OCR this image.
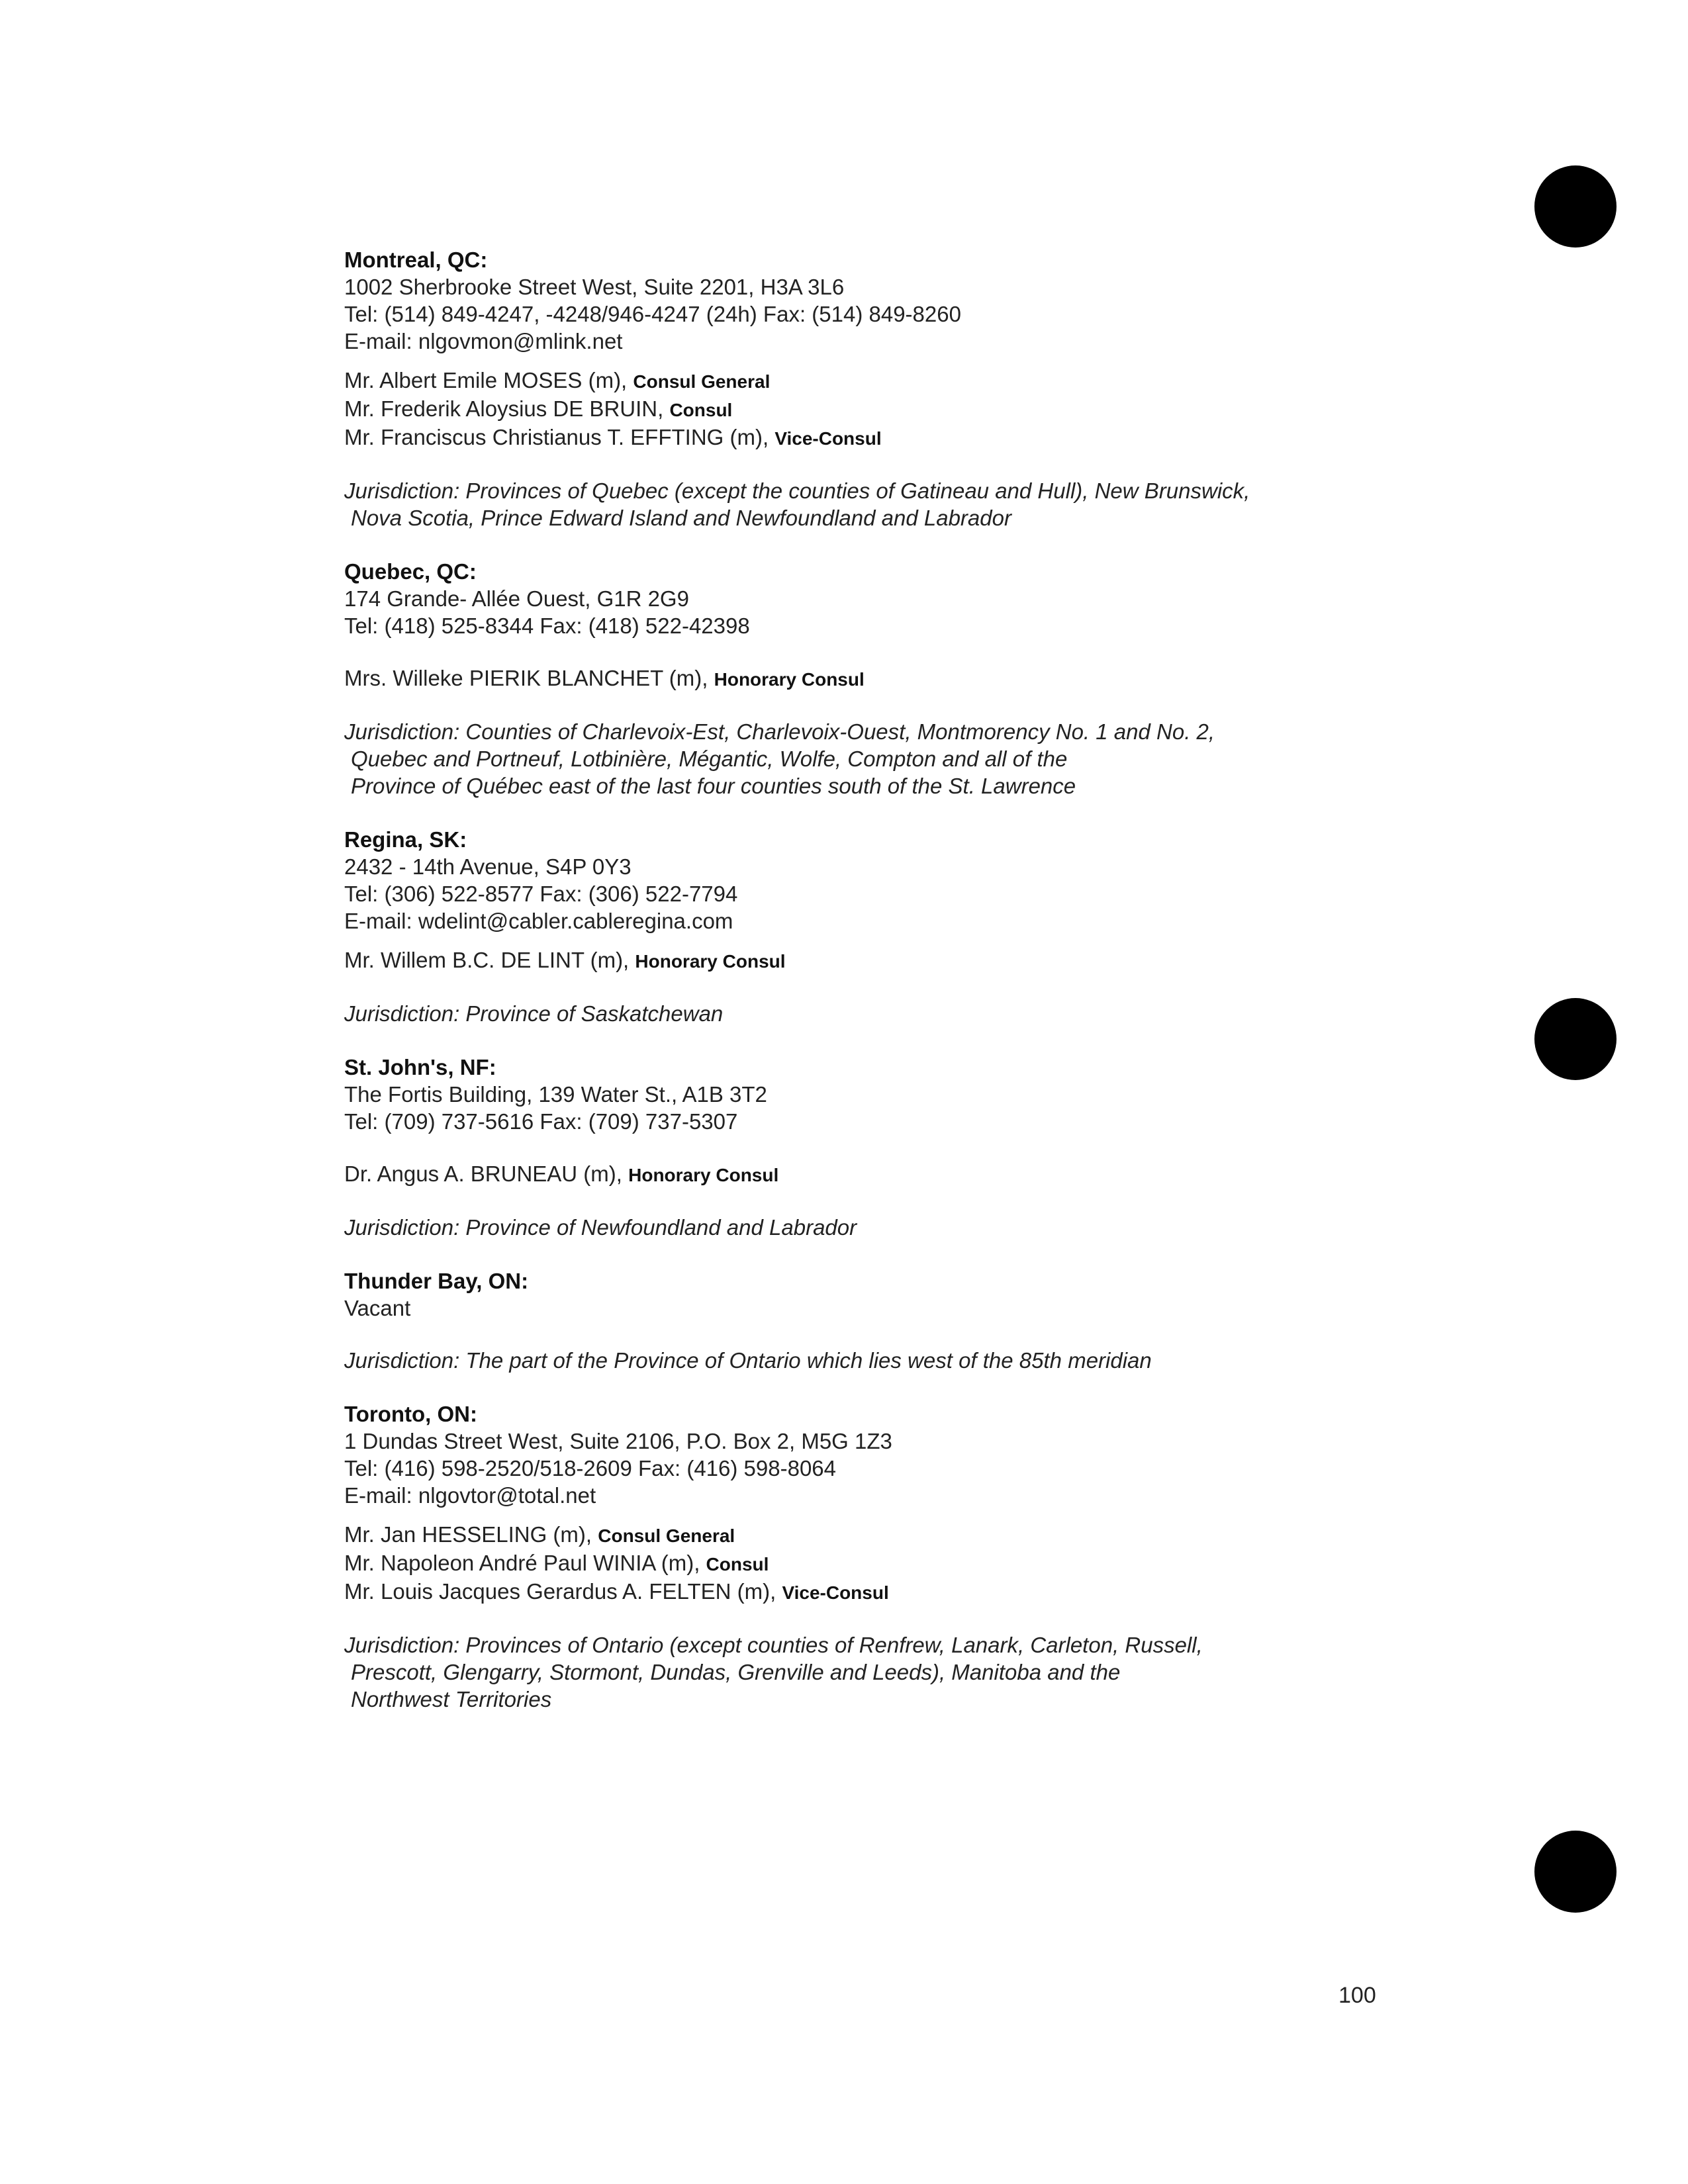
Montreal, QC:
1002 Sherbrooke Street West, Suite 2201, H3A 3L6
Tel: (514) 849-4247, -4248/946-4247 (24h) Fax: (514) 849-8260
E-mail: nlgovmon@mlink.net
Mr. Albert Emile MOSES (m), Consul General
Mr. Frederik Aloysius DE BRUIN, Consul
Mr. Franciscus Christianus T. EFFTING (m), Vice-Consul
Jurisdiction: Provinces of Quebec (except the counties of Gatineau and Hull), New Brunswick,
Nova Scotia, Prince Edward Island and Newfoundland and Labrador
Quebec, QC:
174 Grande- Allée Ouest, G1R 2G9
Tel: (418) 525-8344 Fax: (418) 522-42398
Mrs. Willeke PIERIK BLANCHET (m), Honorary Consul
Jurisdiction: Counties of Charlevoix-Est, Charlevoix-Ouest, Montmorency No. 1 and No. 2,
Quebec and Portneuf, Lotbinière, Mégantic, Wolfe, Compton and all of the
Province of Québec east of the last four counties south of the St. Lawrence
Regina, SK:
2432 - 14th Avenue, S4P 0Y3
Tel: (306) 522-8577 Fax: (306) 522-7794
E-mail: wdelint@cabler.cableregina.com
Mr. Willem B.C. DE LINT (m), Honorary Consul
Jurisdiction: Province of Saskatchewan
St. John's, NF:
The Fortis Building, 139 Water St., A1B 3T2
Tel: (709) 737-5616 Fax: (709) 737-5307
Dr. Angus A. BRUNEAU (m), Honorary Consul
Jurisdiction: Province of Newfoundland and Labrador
Thunder Bay, ON:
Vacant
Jurisdiction: The part of the Province of Ontario which lies west of the 85th meridian
Toronto, ON:
1 Dundas Street West, Suite 2106, P.O. Box 2, M5G 1Z3
Tel: (416) 598-2520/518-2609 Fax: (416) 598-8064
E-mail: nlgovtor@total.net
Mr. Jan HESSELING (m), Consul General
Mr. Napoleon André Paul WINIA (m), Consul
Mr. Louis Jacques Gerardus A. FELTEN (m), Vice-Consul
Jurisdiction: Provinces of Ontario (except counties of Renfrew, Lanark, Carleton, Russell,
Prescott, Glengarry, Stormont, Dundas, Grenville and Leeds), Manitoba and the
Northwest Territories
100
